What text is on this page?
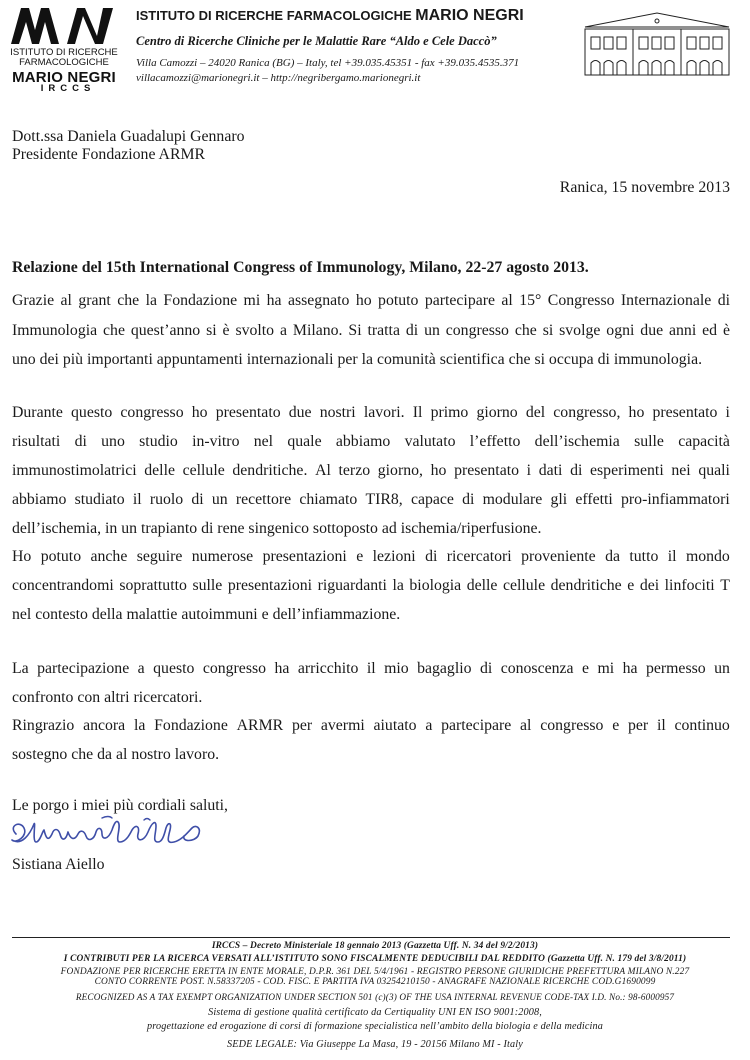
ISTITUTO DI RICERCHE
FARMACOLOGICHE
MARIO NEGRI
IRCCS
ISTITUTO DI RICERCHE FARMACOLOGICHE MARIO NEGRI
Centro di Ricerche Cliniche per le Malattie Rare “Aldo e Cele Daccò”
Villa Camozzi – 24020 Ranica (BG) – Italy, tel +39.035.45351 - fax +39.035.4535.371
villacamozzi@marionegri.it – http://negribergamo.marionegri.it
Dott.ssa Daniela Guadalupi Gennaro
Presidente Fondazione ARMR
Ranica, 15 novembre 2013
Relazione del 15th International Congress of Immunology, Milano, 22-27 agosto 2013.
Grazie al grant che la Fondazione mi ha assegnato ho potuto partecipare al 15° Congresso Internazionale di
Immunologia che quest’anno si è svolto a Milano. Si tratta di un congresso che si svolge ogni due anni ed è
uno dei più importanti appuntamenti internazionali per la comunità scientifica che si occupa di immunologia.
Durante questo congresso ho presentato due nostri lavori. Il primo giorno del congresso, ho presentato i
risultati di uno studio in-vitro nel quale abbiamo valutato l’effetto dell’ischemia sulle capacità
immunostimolatrici delle cellule dendritiche. Al terzo giorno, ho presentato i dati di esperimenti nei quali
abbiamo studiato il ruolo di un recettore chiamato TIR8, capace di modulare gli effetti pro-infiammatori
dell’ischemia, in un trapianto di rene singenico sottoposto ad ischemia/riperfusione.
Ho potuto anche seguire numerose presentazioni e lezioni di ricercatori proveniente da tutto il mondo
concentrandomi soprattutto sulle presentazioni riguardanti la biologia delle cellule dendritiche e dei linfociti T
nel contesto della malattie autoimmuni e dell’infiammazione.
La partecipazione a questo congresso ha arricchito il mio bagaglio di conoscenza e mi ha permesso un
confronto con altri ricercatori.
Ringrazio ancora la Fondazione ARMR per avermi aiutato a partecipare al congresso e per il continuo
sostegno che da al nostro lavoro.
Le porgo i miei più cordiali saluti,
Sistiana Aiello
IRCCS – Decreto Ministeriale 18 gennaio 2013 (Gazzetta Uff. N. 34 del 9/2/2013)
I CONTRIBUTI PER LA RICERCA VERSATI ALL’ISTITUTO SONO FISCALMENTE DEDUCIBILI DAL REDDITO (Gazzetta Uff. N. 179 del 3/8/2011)
FONDAZIONE PER RICERCHE ERETTA IN ENTE MORALE, D.P.R. 361 DEL 5/4/1961 - REGISTRO PERSONE GIURIDICHE PREFETTURA MILANO N.227
CONTO CORRENTE POST. N.58337205 - COD. FISC. E PARTITA IVA 03254210150 - ANAGRAFE NAZIONALE RICERCHE COD.G1690099
RECOGNIZED AS A TAX EXEMPT ORGANIZATION UNDER SECTION 501 (c)(3) OF THE USA INTERNAL REVENUE CODE-TAX I.D. No.: 98-6000957
Sistema di gestione qualità certificato da Certiquality UNI EN ISO 9001:2008,
progettazione ed erogazione di corsi di formazione specialistica nell’ambito della biologia e della medicina
SEDE LEGALE: Via Giuseppe La Masa, 19 - 20156 Milano MI - Italy
